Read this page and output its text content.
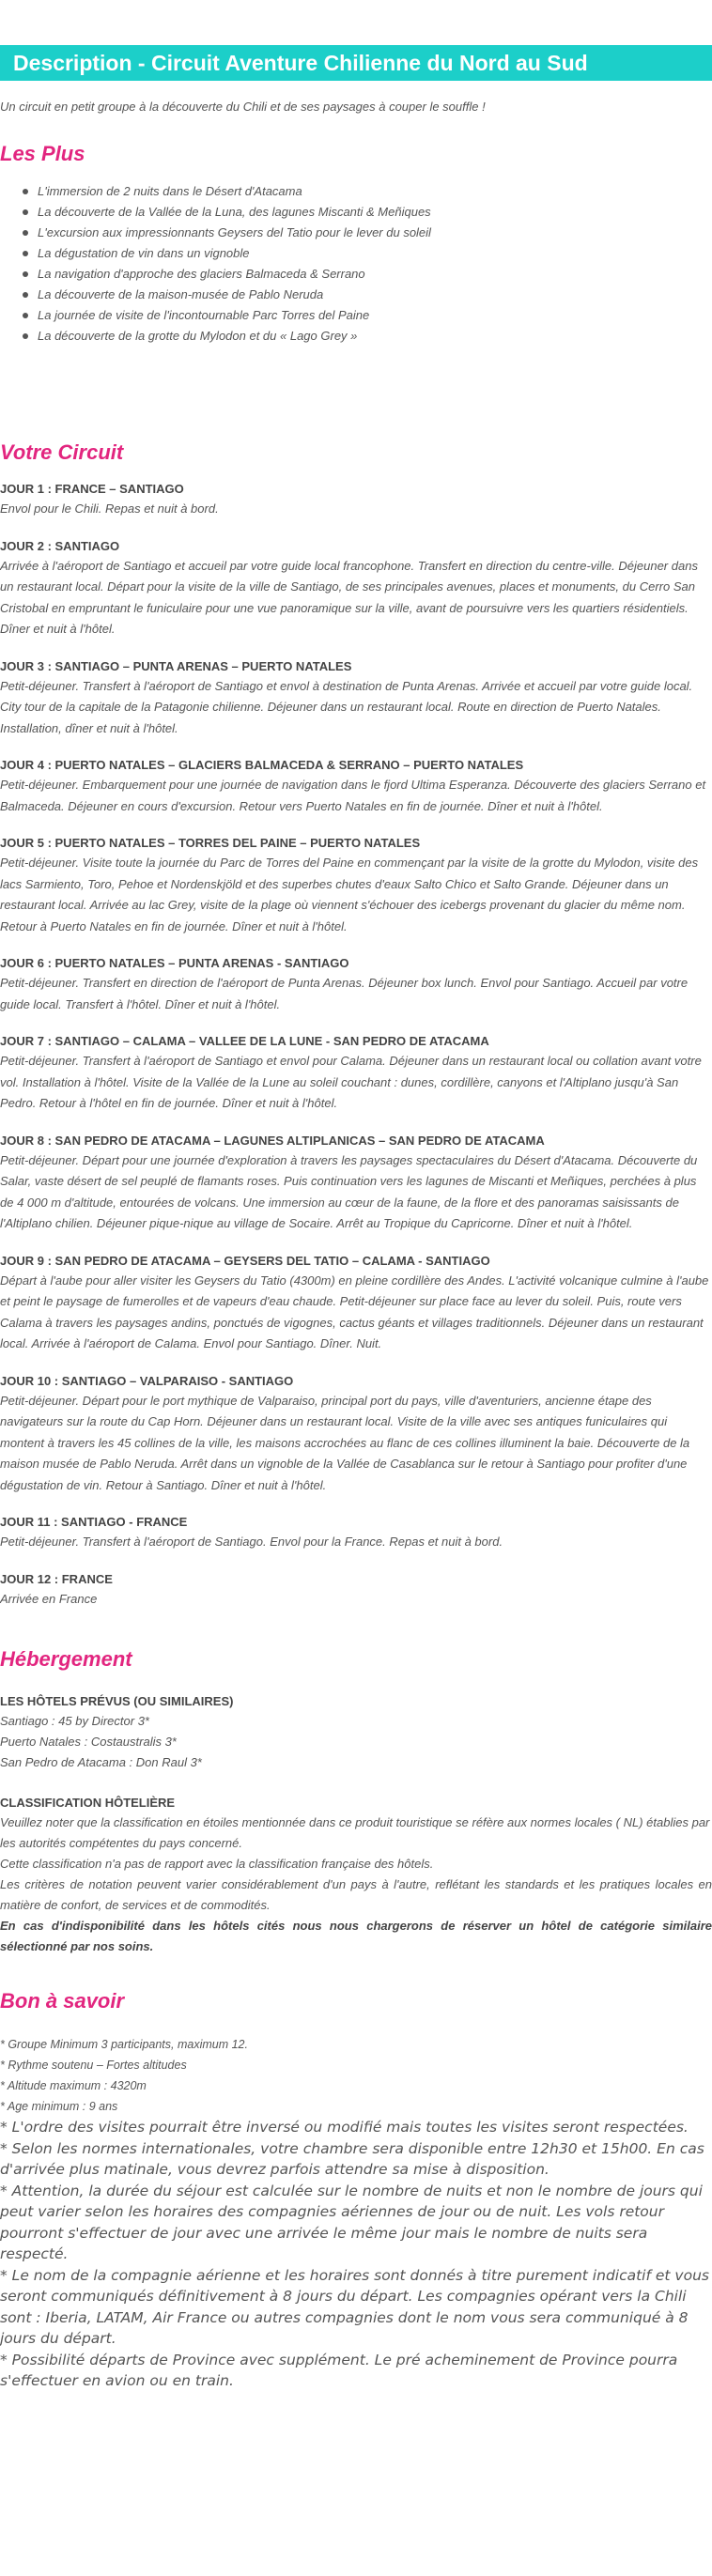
Description - Circuit Aventure Chilienne du Nord au Sud

Un circuit en petit groupe à la découverte du Chili et de ses paysages à couper le souffle !

Les Plus
L'immersion de 2 nuits dans le Désert d'Atacama
La découverte de la Vallée de la Luna, des lagunes Miscanti & Meñiques
L'excursion aux impressionnants Geysers del Tatio pour le lever du soleil
La dégustation de vin dans un vignoble
La navigation d'approche des glaciers Balmaceda & Serrano
La découverte de la maison-musée de Pablo Neruda
La journée de visite de l'incontournable Parc Torres del Paine
La découverte de la grotte du Mylodon et du « Lago Grey »
Votre Circuit

JOUR 1 : FRANCE – SANTIAGO

Envol pour le Chili. Repas et nuit à bord.

JOUR 2 : SANTIAGO

Arrivée à l'aéroport de Santiago et accueil par votre guide local francophone. Transfert en direction du centre-ville. Déjeuner dans un restaurant local. Départ pour la visite de la ville de Santiago, de ses principales avenues, places et monuments, du Cerro San Cristobal en empruntant le funiculaire pour une vue panoramique sur la ville, avant de poursuivre vers les quartiers résidentiels. Dîner et nuit à l'hôtel.

JOUR 3 : SANTIAGO – PUNTA ARENAS – PUERTO NATALES

Petit-déjeuner. Transfert à l'aéroport de Santiago et envol à destination de Punta Arenas. Arrivée et accueil par votre guide local. City tour de la capitale de la Patagonie chilienne. Déjeuner dans un restaurant local. Route en direction de Puerto Natales. Installation, dîner et nuit à l'hôtel.

JOUR 4 : PUERTO NATALES – GLACIERS BALMACEDA & SERRANO – PUERTO NATALES

Petit-déjeuner. Embarquement pour une journée de navigation dans le fjord Ultima Esperanza. Découverte des glaciers Serrano et Balmaceda. Déjeuner en cours d'excursion. Retour vers Puerto Natales en fin de journée. Dîner et nuit à l'hôtel.

JOUR 5 : PUERTO NATALES – TORRES DEL PAINE – PUERTO NATALES

Petit-déjeuner. Visite toute la journée du Parc de Torres del Paine en commençant par la visite de la grotte du Mylodon, visite des lacs Sarmiento, Toro, Pehoe et Nordenskjöld et des superbes chutes d'eaux Salto Chico et Salto Grande. Déjeuner dans un restaurant local. Arrivée au lac Grey, visite de la plage où viennent s'échouer des icebergs provenant du glacier du même nom. Retour à Puerto Natales en fin de journée. Dîner et nuit à l'hôtel.

JOUR 6 : PUERTO NATALES – PUNTA ARENAS - SANTIAGO

Petit-déjeuner. Transfert en direction de l'aéroport de Punta Arenas. Déjeuner box lunch. Envol pour Santiago. Accueil par votre guide local. Transfert à l'hôtel. Dîner et nuit à l'hôtel.

JOUR 7 : SANTIAGO – CALAMA – VALLEE DE LA LUNE - SAN PEDRO DE ATACAMA

Petit-déjeuner. Transfert à l'aéroport de Santiago et envol pour Calama. Déjeuner dans un restaurant local ou collation avant votre vol. Installation à l'hôtel. Visite de la Vallée de la Lune au soleil couchant : dunes, cordillère, canyons et l'Altiplano jusqu'à San Pedro. Retour à l'hôtel en fin de journée. Dîner et nuit à l'hôtel.

JOUR 8 : SAN PEDRO DE ATACAMA – LAGUNES ALTIPLANICAS – SAN PEDRO DE ATACAMA

Petit-déjeuner. Départ pour une journée d'exploration à travers les paysages spectaculaires du Désert d'Atacama. Découverte du Salar, vaste désert de sel peuplé de flamants roses. Puis continuation vers les lagunes de Miscanti et Meñiques, perchées à plus de 4 000 m d'altitude, entourées de volcans. Une immersion au cœur de la faune, de la flore et des panoramas saisissants de l'Altiplano chilien. Déjeuner pique-nique au village de Socaire. Arrêt au Tropique du Capricorne. Dîner et nuit à l'hôtel.

JOUR 9 : SAN PEDRO DE ATACAMA – GEYSERS DEL TATIO – CALAMA - SANTIAGO

Départ à l'aube pour aller visiter les Geysers du Tatio (4300m) en pleine cordillère des Andes. L'activité volcanique culmine à l'aube et peint le paysage de fumerolles et de vapeurs d'eau chaude. Petit-déjeuner sur place face au lever du soleil. Puis, route vers Calama à travers les paysages andins, ponctués de vigognes, cactus géants et villages traditionnels. Déjeuner dans un restaurant local. Arrivée à l'aéroport de Calama. Envol pour Santiago. Dîner. Nuit.

JOUR 10 : SANTIAGO – VALPARAISO - SANTIAGO

Petit-déjeuner. Départ pour le port mythique de Valparaiso, principal port du pays, ville d'aventuriers, ancienne étape des navigateurs sur la route du Cap Horn. Déjeuner dans un restaurant local. Visite de la ville avec ses antiques funiculaires qui montent à travers les 45 collines de la ville, les maisons accrochées au flanc de ces collines illuminent la baie. Découverte de la maison musée de Pablo Neruda. Arrêt dans un vignoble de la Vallée de Casablanca sur le retour à Santiago pour profiter d'une dégustation de vin. Retour à Santiago. Dîner et nuit à l'hôtel.

JOUR 11 : SANTIAGO - FRANCE

Petit-déjeuner. Transfert à l'aéroport de Santiago. Envol pour la France. Repas et nuit à bord.

JOUR 12 : FRANCE

Arrivée en France

Hébergement

LES HÔTELS PRÉVUS (OU SIMILAIRES)

Santiago : 45 by Director 3*

Puerto Natales : Costaustralis 3*

San Pedro de Atacama : Don Raul 3*

CLASSIFICATION HÔTELIÈRE

Veuillez noter que la classification en étoiles mentionnée dans ce produit touristique se réfère aux normes locales ( NL) établies par les autorités compétentes du pays concerné.

Cette classification n'a pas de rapport avec la classification française des hôtels.

Les critères de notation peuvent varier considérablement d'un pays à l'autre, reflétant les standards et les pratiques locales en matière de confort, de services et de commodités.

En cas d'indisponibilité dans les hôtels cités nous nous chargerons de réserver un hôtel de catégorie similaire sélectionné par nos soins.

Bon à savoir

* Groupe Minimum 3 participants, maximum 12.

* Rythme soutenu – Fortes altitudes

* Altitude maximum : 4320m

* Age minimum : 9 ans

* L'ordre des visites pourrait être inversé ou modifié mais toutes les visites seront respectées.

* Selon les normes internationales, votre chambre sera disponible entre 12h30 et 15h00. En cas d'arrivée plus matinale, vous devrez parfois attendre sa mise à disposition.

* Attention, la durée du séjour est calculée sur le nombre de nuits et non le nombre de jours qui peut varier selon les horaires des compagnies aériennes de jour ou de nuit. Les vols retour pourront s'effectuer de jour avec une arrivée le même jour mais le nombre de nuits sera respecté.

* Le nom de la compagnie aérienne et les horaires sont donnés à titre purement indicatif et vous seront communiqués définitivement à 8 jours du départ. Les compagnies opérant vers la Chili sont : Iberia, LATAM, Air France ou autres compagnies dont le nom vous sera communiqué à 8 jours du départ.

* Possibilité départs de Province avec supplément. Le pré acheminement de Province pourra s'effectuer en avion ou en train.
